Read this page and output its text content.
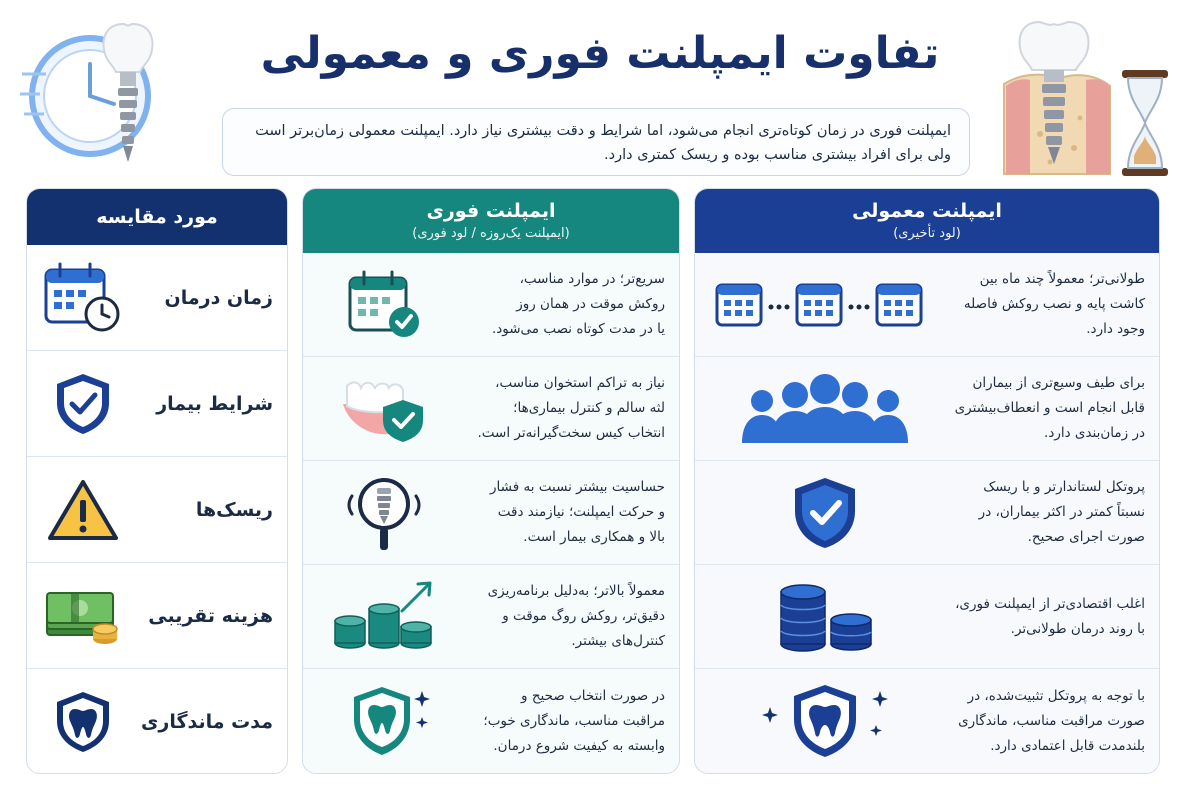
تفاوت ایمپلنت فوری و معمولی
ایمپلنت فوری در زمان کوتاه‌تری انجام می‌شود، اما شرایط و دقت بیشتری نیاز دارد. ایمپلنت معمولی زمان‌بر‌تر است
ولی برای افراد بیشتری مناسب بوده و ریسک کمتری دارد.
مورد مقایسه
زمان درمان
شرایط بیمار
ریسک‌ها
هزینه تقریبی
مدت ماندگاری
ایمپلنت فوری
(ایمپلنت یک‌روزه / لود فوری)
سریع‌تر؛ در موارد مناسب،
روکش موقت در همان روز
یا در مدت کوتاه نصب می‌شود.
نیاز به تراکم استخوان مناسب،
لثه سالم و کنترل بیماری‌ها؛
انتخاب کیس سخت‌گیرانه‌تر است.
حساسیت بیشتر نسبت به فشار
و حرکت ایمپلنت؛ نیازمند دقت
بالا و همکاری بیمار است.
معمولاً بالاتر؛ به‌دلیل برنامه‌ریزی
دقیق‌تر، روکش روگ موقت و
کنترل‌های بیشتر.
در صورت انتخاب صحیح و
مراقبت مناسب، ماندگاری خوب؛
وابسته به کیفیت شروع درمان.
ایمپلنت معمولی
(لود تأخیری)
طولانی‌تر؛ معمولاً چند ماه بین
کاشت پایه و نصب روکش فاصله
وجود دارد.
برای طیف وسیع‌تری از بیماران
قابل انجام است و انعطاف‌بیشتری
در زمان‌بندی دارد.
پروتکل لستاندارتر و با ریسک
نسبتاً کمتر در اکثر بیماران، در
صورت اجرای صحیح.
اغلب اقتصادی‌تر از ایمپلنت فوری،
با روند درمان طولانی‌تر.
با توجه به پروتکل تثبیت‌شده، در
صورت مراقبت مناسب، ماندگاری
بلندمدت قابل اعتمادی دارد.
